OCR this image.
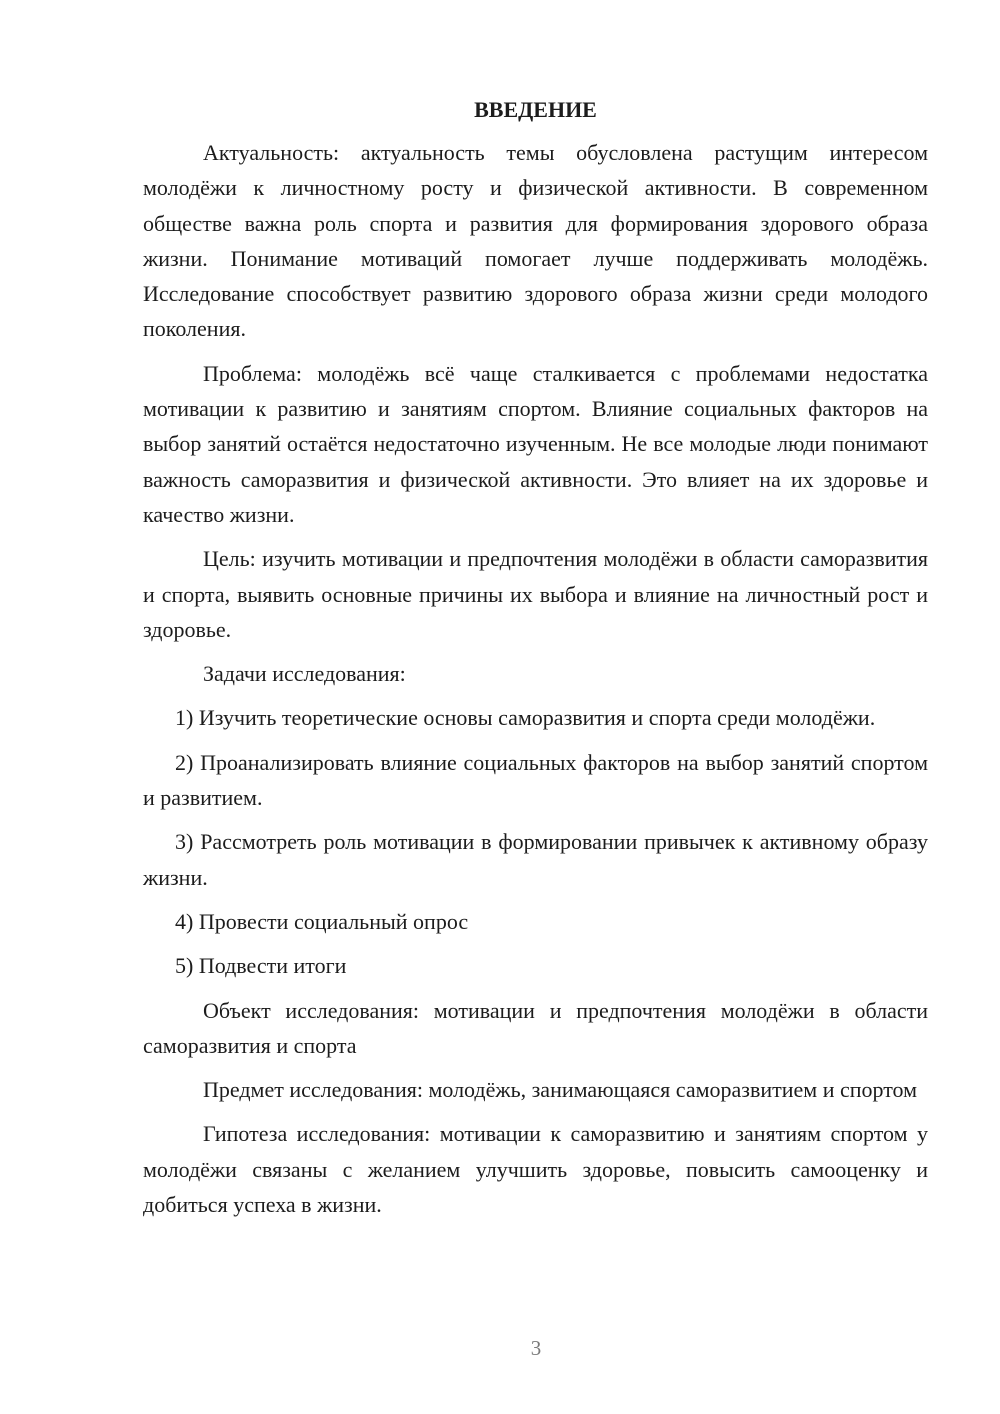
ВВЕДЕНИЕ

Актуальность: актуальность темы обусловлена растущим интересом молодёжи к личностному росту и физической активности. В современном обществе важна роль спорта и развития для формирования здорового образа жизни. Понимание мотиваций помогает лучше поддерживать молодёжь. Исследование способствует развитию здорового образа жизни среди молодого поколения.

Проблема: молодёжь всё чаще сталкивается с проблемами недостатка мотивации к развитию и занятиям спортом. Влияние социальных факторов на выбор занятий остаётся недостаточно изученным. Не все молодые люди понимают важность саморазвития и физической активности. Это влияет на их здоровье и качество жизни.

Цель: изучить мотивации и предпочтения молодёжи в области саморазвития и спорта, выявить основные причины их выбора и влияние на личностный рост и здоровье.

Задачи исследования:

1) Изучить теоретические основы саморазвития и спорта среди молодёжи.

2) Проанализировать влияние социальных факторов на выбор занятий спортом и развитием.

3) Рассмотреть роль мотивации в формировании привычек к активному образу жизни.

4) Провести социальный опрос

5) Подвести итоги

Объект исследования: мотивации и предпочтения молодёжи в области саморазвития и спорта

Предмет исследования: молодёжь, занимающаяся саморазвитием и спортом

Гипотеза исследования: мотивации к саморазвитию и занятиям спортом у молодёжи связаны с желанием улучшить здоровье, повысить самооценку и добиться успеха в жизни.

3
